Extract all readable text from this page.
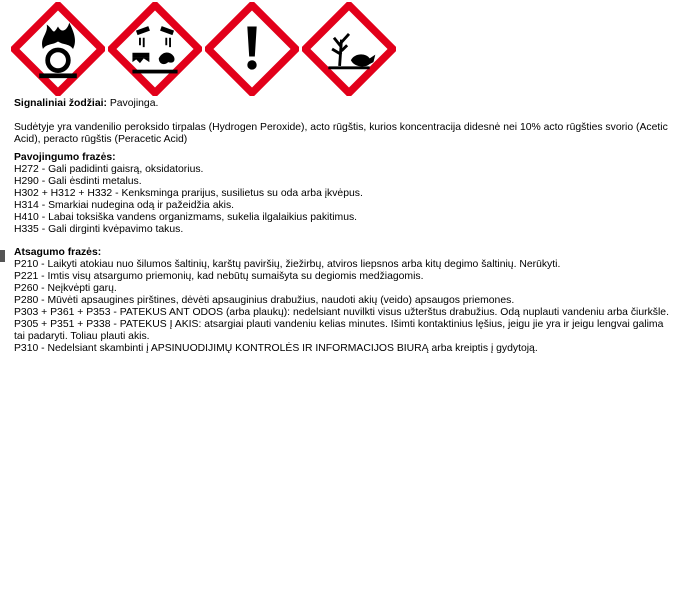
Signaliniai žodžiai: Pavojinga.

Sudėtyje yra vandenilio peroksido tirpalas (Hydrogen Peroxide), acto rūgštis, kurios koncentracija didesnė nei 10% acto rūgšties svorio (Acetic Acid), peracto rūgštis (Peracetic Acid)

Pavojingumo frazės:

H272 - Gali padidinti gaisrą, oksidatorius.

H290 - Gali ėsdinti metalus.

H302 + H312 + H332 - Kenksminga prarijus, susilietus su oda arba įkvėpus.

H314 - Smarkiai nudegina odą ir pažeidžia akis.

H410 - Labai toksiška vandens organizmams, sukelia ilgalaikius pakitimus.

H335 - Gali dirginti kvėpavimo takus.

Atsagumo frazės:

P210 - Laikyti atokiau nuo šilumos šaltinių, karštų paviršių, žiežirbų, atviros liepsnos arba kitų degimo šaltinių. Nerūkyti.

P221 - Imtis visų atsargumo priemonių, kad nebūtų sumaišyta su degiomis medžiagomis.

P260 - Neįkvėpti garų.

P280 - Mūvėti apsaugines pirštines, dėvėti apsauginius drabužius, naudoti akių (veido) apsaugos priemones.

P303 + P361 + P353 - PATEKUS ANT ODOS (arba plaukų): nedelsiant nuvilkti visus užterštus drabužius. Odą nuplauti vandeniu arba čiurkšle.

P305 + P351 + P338 - PATEKUS Į AKIS: atsargiai plauti vandeniu kelias minutes. Išimti kontaktinius lęšius, jeigu jie yra ir jeigu lengvai galima tai padaryti. Toliau plauti akis.

P310 - Nedelsiant skambinti į APSINUODIJIMŲ KONTROLĖS IR INFORMACIJOS BIURĄ arba kreiptis į gydytoją.
